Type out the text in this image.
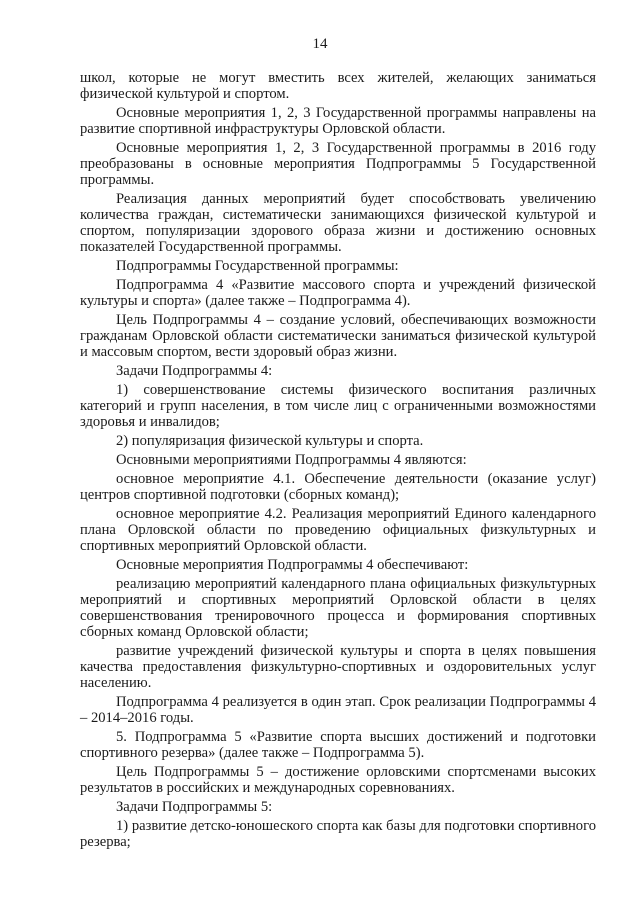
14

школ, которые не могут вместить всех жителей, желающих заниматься физической культурой и спортом.

Основные мероприятия 1, 2, 3 Государственной программы направлены на развитие спортивной инфраструктуры Орловской области.

Основные мероприятия 1, 2, 3 Государственной программы в 2016 году преобразованы в основные мероприятия Подпрограммы 5 Государственной программы.

Реализация данных мероприятий будет способствовать увеличению количества граждан, систематически занимающихся физической культурой и спортом, популяризации здорового образа жизни и достижению основных показателей Государственной программы.

Подпрограммы Государственной программы:

Подпрограмма 4 «Развитие массового спорта и учреждений физической культуры и спорта» (далее также – Подпрограмма 4).

Цель Подпрограммы 4 – создание условий, обеспечивающих возможности гражданам Орловской области систематически заниматься физической культурой и массовым спортом, вести здоровый образ жизни.

Задачи Подпрограммы 4:

1) совершенствование системы физического воспитания различных категорий и групп населения, в том числе лиц с ограниченными возможностями здоровья и инвалидов;

2) популяризация физической культуры и спорта.

Основными мероприятиями Подпрограммы 4 являются:

основное мероприятие 4.1. Обеспечение деятельности (оказание услуг) центров спортивной подготовки (сборных команд);

основное мероприятие 4.2. Реализация мероприятий Единого календарного плана Орловской области по проведению официальных физкультурных и спортивных мероприятий Орловской области.

Основные мероприятия Подпрограммы 4 обеспечивают:

реализацию мероприятий календарного плана официальных физкультурных мероприятий и спортивных мероприятий Орловской области в целях совершенствования тренировочного процесса и формирования спортивных сборных команд Орловской области;

развитие учреждений физической культуры и спорта в целях повышения качества предоставления физкультурно-спортивных и оздоровительных услуг населению.

Подпрограмма 4 реализуется в один этап. Срок реализации Подпрограммы 4 – 2014–2016 годы.

5. Подпрограмма 5 «Развитие спорта высших достижений и подготовки спортивного резерва» (далее также – Подпрограмма 5).

Цель Подпрограммы 5 – достижение орловскими спортсменами высоких результатов в российских и международных соревнованиях.

Задачи Подпрограммы 5:

1) развитие детско-юношеского спорта как базы для подготовки спортивного резерва;
